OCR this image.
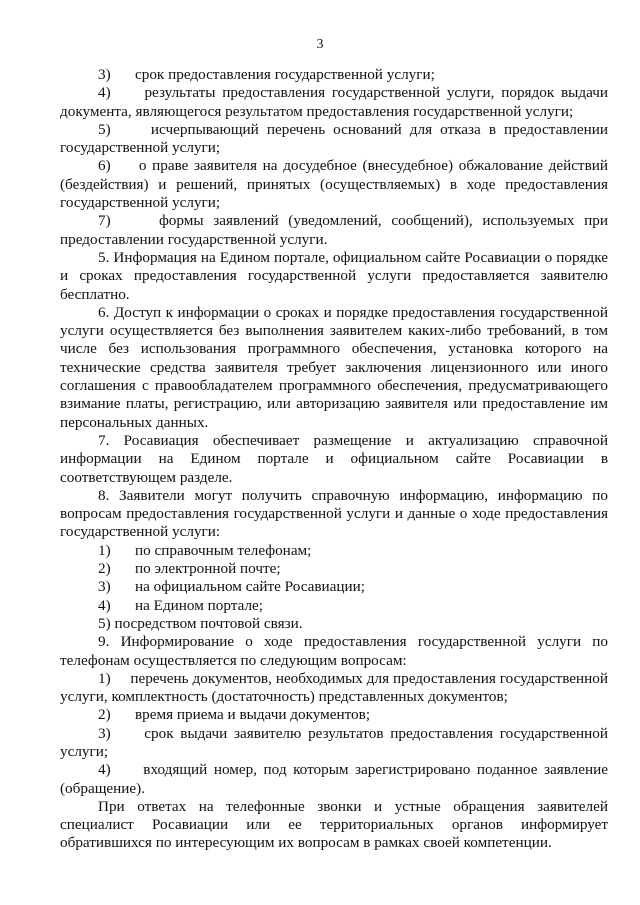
3

3)	срок предоставления государственной услуги;

4)     результаты предоставления государственной услуги, порядок выдачи документа, являющегося результатом предоставления государственной услуги;

5)     исчерпывающий перечень оснований для отказа в предоставлении государственной услуги;

6)     о праве заявителя на досудебное (внесудебное) обжалование действий (бездействия) и решений, принятых (осуществляемых) в ходе предоставления государственной услуги;

7)     формы заявлений (уведомлений, сообщений), используемых при предоставлении государственной услуги.

5. Информация на Едином портале, официальном сайте Росавиации о порядке и сроках предоставления государственной услуги предоставляется заявителю бесплатно.

6. Доступ к информации о сроках и порядке предоставления государственной услуги осуществляется без выполнения заявителем каких-либо требований, в том числе без использования программного обеспечения, установка которого на технические средства заявителя требует заключения лицензионного или иного соглашения с правообладателем программного обеспечения, предусматривающего взимание платы, регистрацию, или авторизацию заявителя или предоставление им персональных данных.

7. Росавиация обеспечивает размещение и актуализацию справочной информации на Едином портале и официальном сайте Росавиации в соответствующем разделе.

8. Заявители могут получить справочную информацию, информацию по вопросам предоставления государственной услуги и данные о ходе предоставления государственной услуги:

1)	по справочным телефонам;

2)	по электронной почте;

3)	на официальном сайте Росавиации;

4)	на Едином портале;

5) посредством почтовой связи.

9. Информирование о ходе предоставления государственной услуги по телефонам осуществляется по следующим вопросам:

1)     перечень документов, необходимых для предоставления государственной услуги, комплектность (достаточность) представленных документов;

2)	время приема и выдачи документов;

3)     срок выдачи заявителю результатов предоставления государственной услуги;

4)     входящий номер, под которым зарегистрировано поданное заявление (обращение).

При ответах на телефонные звонки и устные обращения заявителей специалист Росавиации или ее территориальных органов информирует обратившихся по интересующим их вопросам в рамках своей компетенции.
